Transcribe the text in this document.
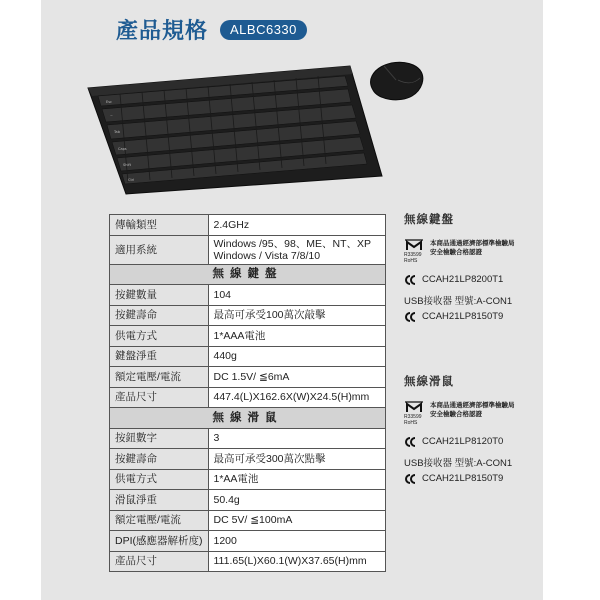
產品規格	ALBC6330
Esc
~
Tab
Caps
Shift
Ctrl
傳輸類型	2.4GHz
適用系統	Windows /95、98、ME、NT、XP
Windows / Vista 7/8/10

無線鍵盤	
按鍵數量	104
按鍵壽命	最高可承受100萬次敲擊
供電方式	1*AAA電池
鍵盤淨重	440g
額定電壓/電流	DC 1.5V/ ≦6mA
產品尺寸	447.4(L)X162.6X(W)X24.5(H)mm
無線滑鼠	
按鈕數字	3
按鍵壽命	最高可承受300萬次點擊
供電方式	1*AA電池
滑鼠淨重	50.4g
額定電壓/電流	DC 5V/ ≦100mA
DPI(感應器解析度)	1200
產品尺寸	111.65(L)X60.1(W)X37.65(H)mm
無線鍵盤
R33599
RoHS
本商品通過經濟部標準檢驗局
安全檢驗合格認證
CCAH21LP8200T1
USB接收器 型號:A-CON1
CCAH21LP8150T9
無線滑鼠
R33599
RoHS
本商品通過經濟部標準檢驗局
安全檢驗合格認證
CCAH21LP8120T0
USB接收器 型號:A-CON1
CCAH21LP8150T9
